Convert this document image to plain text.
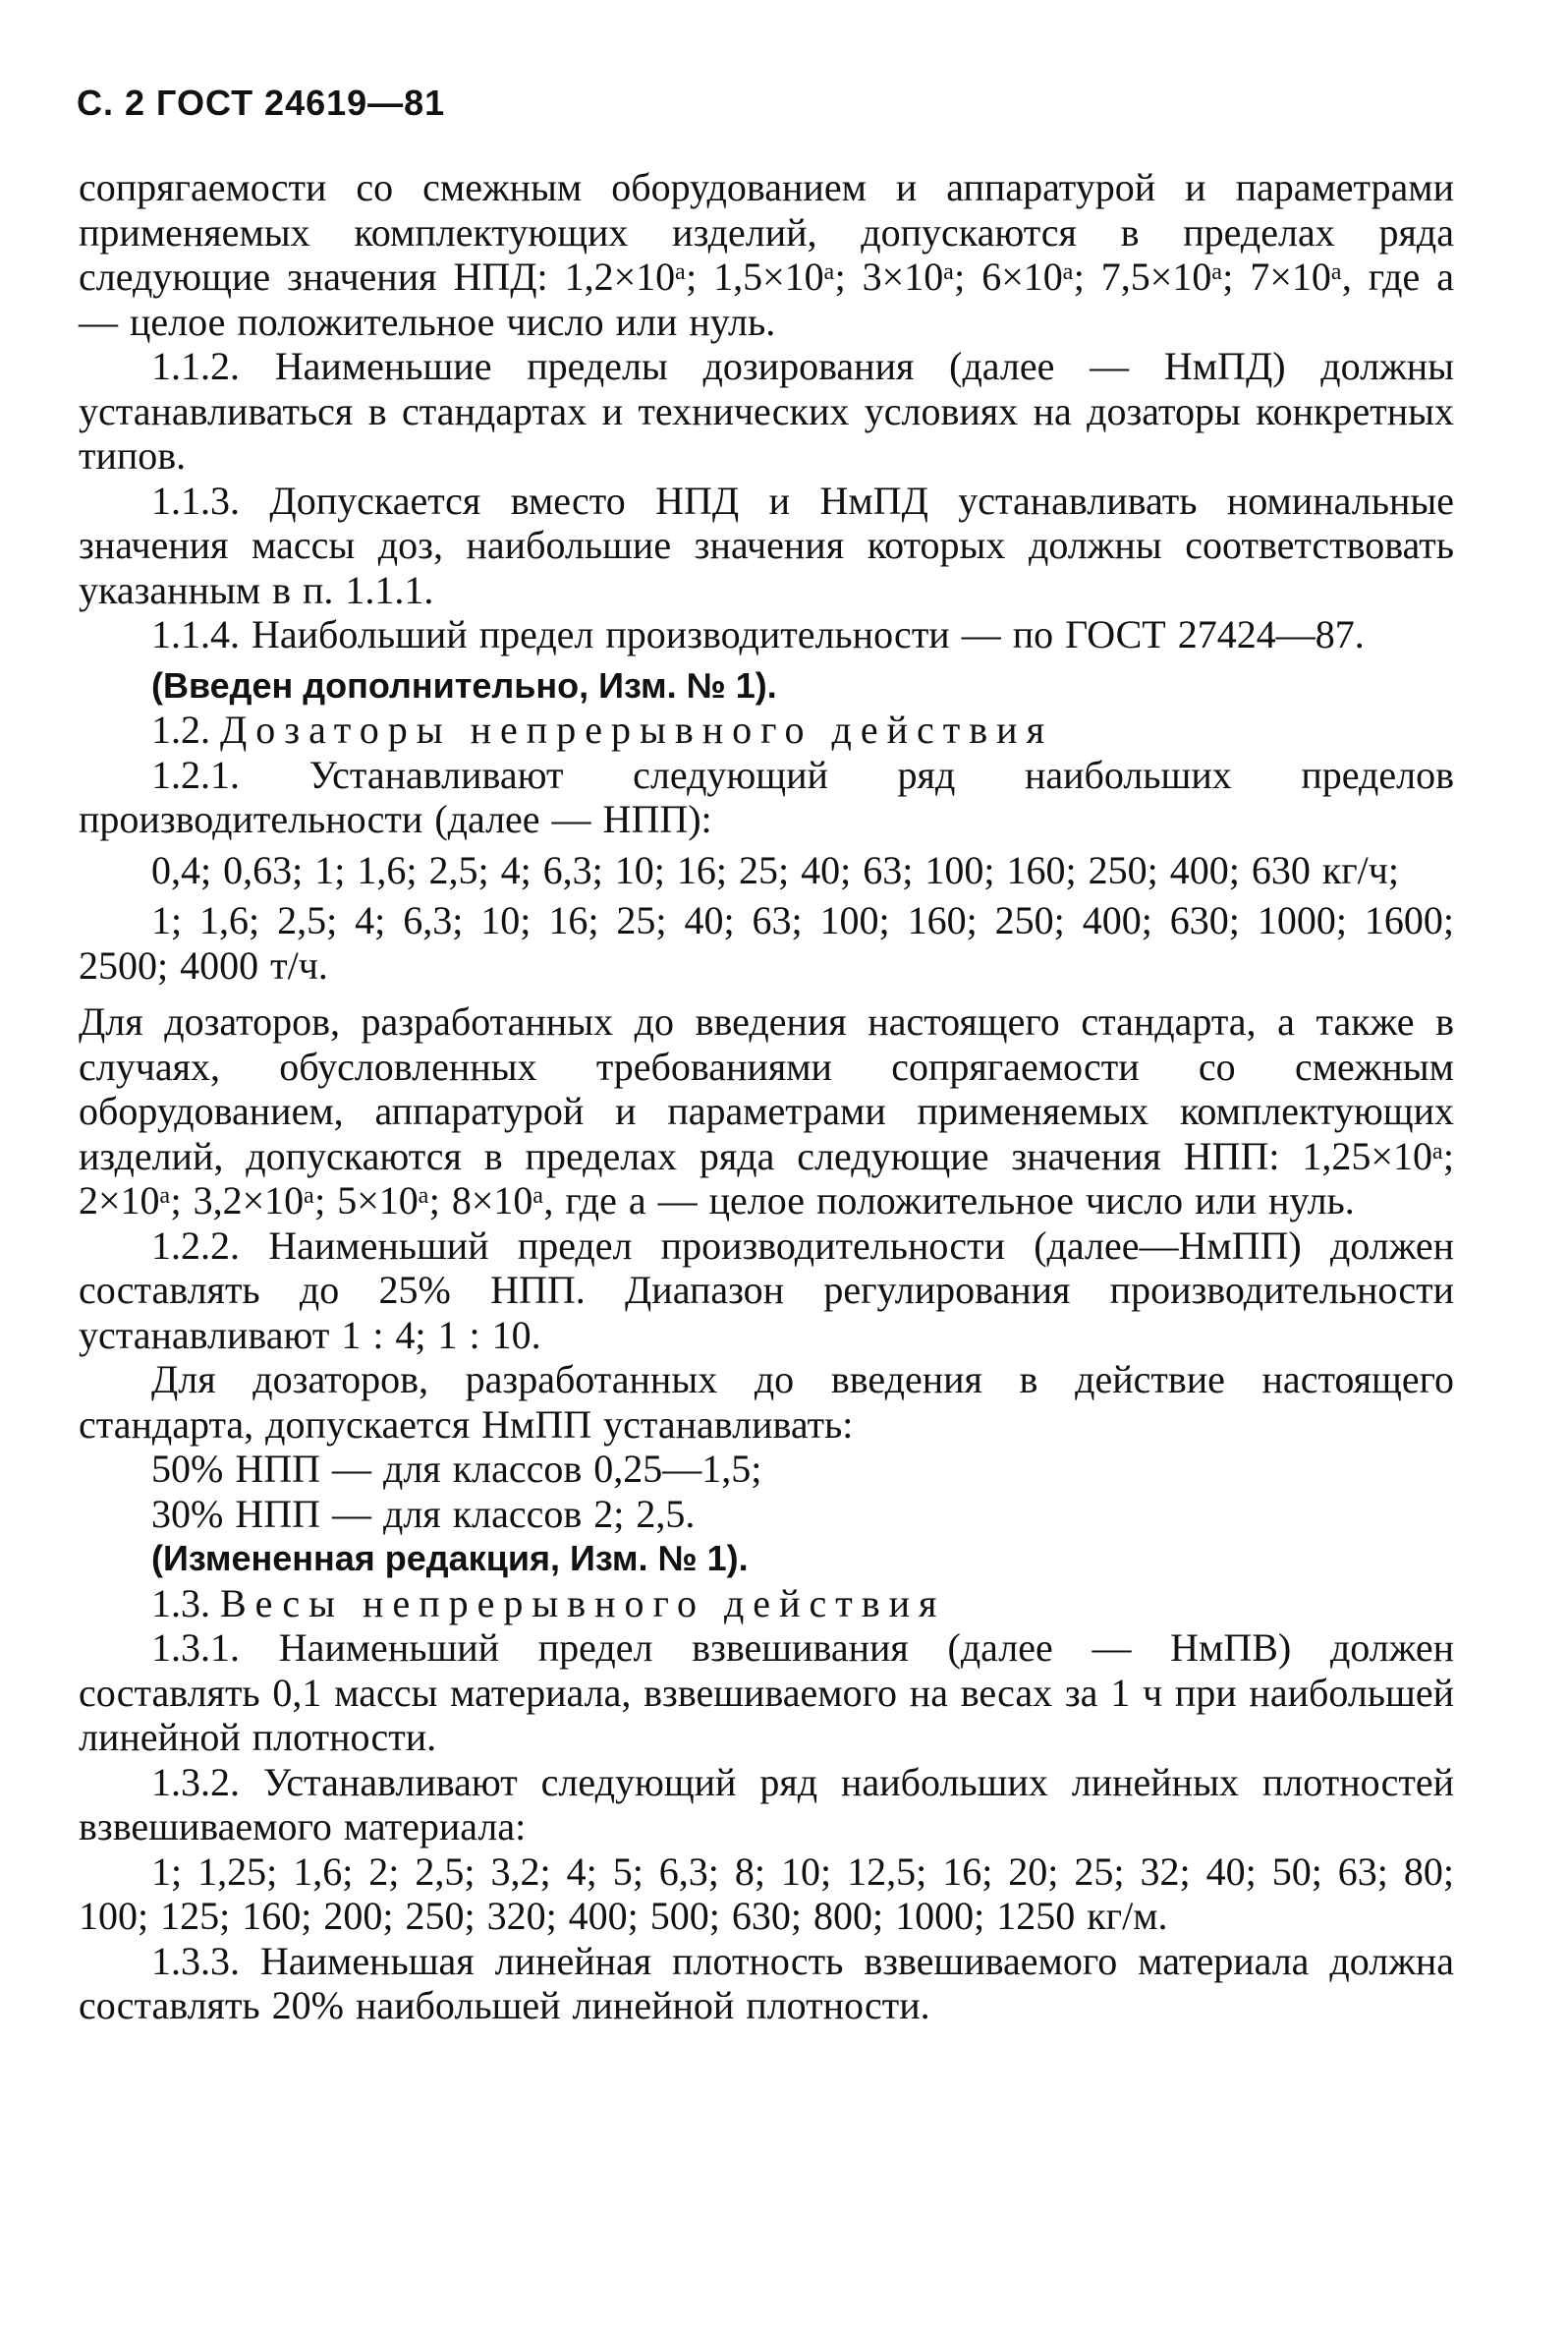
С. 2 ГОСТ 24619—81

сопрягаемости со смежным оборудованием и аппаратурой и параметрами применяемых комплектующих изделий, допускаются в пределах ряда следующие значения НПД: 1,2×10ᵃ; 1,5×10ᵃ; 3×10ᵃ; 6×10ᵃ; 7,5×10ᵃ; 7×10ᵃ, где a — целое положительное число или нуль.

1.1.2. Наименьшие пределы дозирования (далее — НмПД) должны устанавливаться в стандартах и технических условиях на дозаторы конкретных типов.

1.1.3. Допускается вместо НПД и НмПД устанавливать номинальные значения массы доз, наибольшие значения которых должны соответствовать указанным в п. 1.1.1.

1.1.4. Наибольший предел производительности — по ГОСТ 27424—87.

(Введен дополнительно, Изм. № 1).

1.2. Дозаторы непрерывного действия

1.2.1. Устанавливают следующий ряд наибольших пределов производительности (далее — НПП):

0,4; 0,63; 1; 1,6; 2,5; 4; 6,3; 10; 16; 25; 40; 63; 100; 160; 250; 400; 630 кг/ч;

1; 1,6; 2,5; 4; 6,3; 10; 16; 25; 40; 63; 100; 160; 250; 400; 630; 1000; 1600; 2500; 4000 т/ч.

Для дозаторов, разработанных до введения настоящего стандарта, а также в случаях, обусловленных требованиями сопрягаемости со смежным оборудованием, аппаратурой и параметрами применяемых комплектующих изделий, допускаются в пределах ряда следующие значения НПП: 1,25×10ᵃ; 2×10ᵃ; 3,2×10ᵃ; 5×10ᵃ; 8×10ᵃ, где a — целое положительное число или нуль.

1.2.2. Наименьший предел производительности (далее—НмПП) должен составлять до 25% НПП. Диапазон регулирования производительности устанавливают 1 : 4; 1 : 10.

Для дозаторов, разработанных до введения в действие настоящего стандарта, допускается НмПП устанавливать:

50% НПП — для классов 0,25—1,5;

30% НПП — для классов 2; 2,5.

(Измененная редакция, Изм. № 1).

1.3. Весы непрерывного действия

1.3.1. Наименьший предел взвешивания (далее — НмПВ) должен составлять 0,1 массы материала, взвешиваемого на весах за 1 ч при наибольшей линейной плотности.

1.3.2. Устанавливают следующий ряд наибольших линейных плотностей взвешиваемого материала:

1; 1,25; 1,6; 2; 2,5; 3,2; 4; 5; 6,3; 8; 10; 12,5; 16; 20; 25; 32; 40; 50; 63; 80; 100; 125; 160; 200; 250; 320; 400; 500; 630; 800; 1000; 1250 кг/м.

1.3.3. Наименьшая линейная плотность взвешиваемого материала должна составлять 20% наибольшей линейной плотности.
